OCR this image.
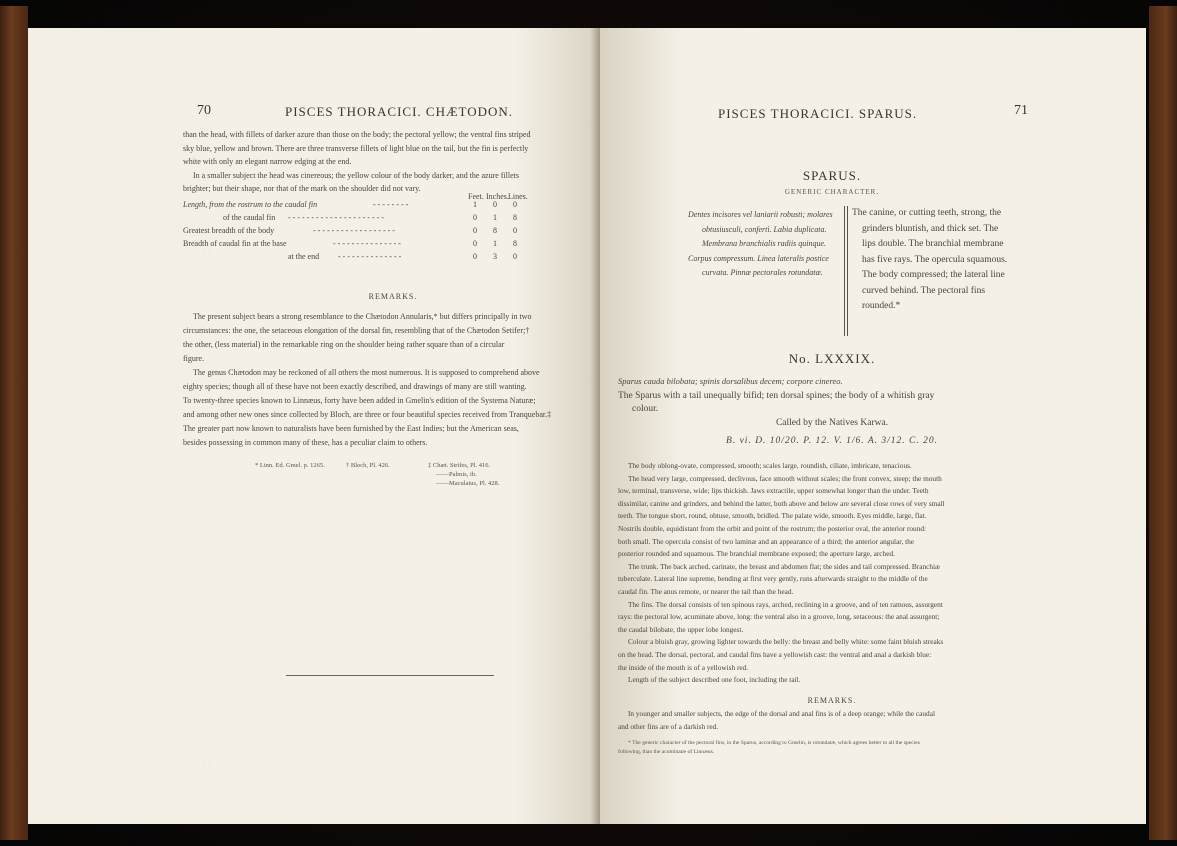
70	PISCES THORACICI. CHÆTODON.
than the head, with fillets of darker azure than those on the body; the pectoral yellow; the ventral fins striped
sky blue, yellow and brown. There are three transverse fillets of light blue on the tail, but the fin is perfectly
white with only an elegant narrow edging at the end.
In a smaller subject the head was cinereous; the yellow colour of the body darker, and the azure fillets
brighter; but their shape, nor that of the mark on the shoulder did not vary.
Feet. Inches. Lines.
Length, from the rostrum to the caudal fin	- - - - - - - -	1 0 0
of the caudal fin - - - - - - - - - - - - - - - - - - - - -	0 1 8
Greatest breadth of the body	- - - - - - - - - - - - - - - - - -	0 8 0
Breadth of caudal fin at the base	- - - - - - - - - - - - - - -	0 1 8
at the end - - - - - - - - - - - - - -	0 3 0
REMARKS.
The present subject bears a strong resemblance to the Chætodon Annularis,* but differs principally in two
circumstances: the one, the setaceous elongation of the dorsal fin, resembling that of the Chætodon Setifer;†
the other, (less material) in the remarkable ring on the shoulder being rather square than of a circular
figure.
The genus Chætodon may be reckoned of all others the most numerous. It is supposed to comprehend above
eighty species; though all of these have not been exactly described, and drawings of many are still wanting.
To twenty-three species known to Linnæus, forty have been added in Gmelin's edition of the Systema Naturæ;
and among other new ones since collected by Bloch, are three or four beautiful species received from Tranquebar.‡
The greater part now known to naturalists have been furnished by the East Indies; but the American seas,
besides possessing in common many of these, has a peculiar claim to others.
* Linn. Ed. Gmel. p. 1265.	† Bloch, Pl. 426.	‡ Chæt. Strifes, Pl. 416.
——Palmis, ib.
——Maculatus, Pl. 428.
PISCES THORACICI. SPARUS.	71
SPARUS.
GENERIC CHARACTER.
Dentes incisores vel laniarii robusti; molares
obtusiusculi, confertì. Labia duplicata.
Membrana branchialis radiis quinque.
Corpus compressum. Linea lateralis postice
curvata. Pinnæ pectorales rotundatæ.
The canine, or cutting teeth, strong, the
grinders bluntish, and thick set. The
lips double. The branchial membrane
has five rays. The opercula squamous.
The body compressed; the lateral line
curved behind. The pectoral fins
rounded.*
No. LXXXIX.
Sparus cauda bilobata; spinis dorsalibus decem; corpore cinereo.
The Sparus with a tail unequally bifid; ten dorsal spines; the body of a whitish gray
colour.
Called by the Natives Karwa.
B. vi. D. 10/20. P. 12. V. 1/6. A. 3/12. C. 20.
The body oblong-ovate, compressed, smooth; scales large, roundish, ciliate, imbricate, tenacious.
The head very large, compressed, declivous, face smooth without scales; the front convex, steep; the mouth
low, terminal, transverse, wide; lips thickish. Jaws extractile, upper somewhat longer than the under. Teeth
dissimilar, canine and grinders, and behind the latter, both above and below are several close rows of very small
teeth. The tongue short, round, obtuse, smooth, bridled. The palate wide, smooth. Eyes middle, large, flat.
Nostrils double, equidistant from the orbit and point of the rostrum; the posterior oval, the anterior round:
both small. The opercula consist of two laminæ and an appearance of a third; the anterior angular, the
posterior rounded and squamous. The branchial membrane exposed; the aperture large, arched.
The trunk. The back arched, carinate, the breast and abdomen flat; the sides and tail compressed. Branchiæ
tuberculate. Lateral line supreme, bending at first very gently, runs afterwards straight to the middle of the
caudal fin. The anus remote, or nearer the tail than the head.
The fins. The dorsal consists of ten spinous rays, arched, reclining in a groove, and of ten ramous, assurgent
rays: the pectoral low, acuminate above, long: the ventral also in a groove, long, setaceous: the anal assurgent;
the caudal bilobate, the upper lobe longest.
Colour a bluish gray, growing lighter towards the belly: the breast and belly white: some faint bluish streaks
on the head. The dorsal, pectoral, and caudal fins have a yellowish cast: the ventral and anal a darkish blue:
the inside of the mouth is of a yellowish red.
Length of the subject described one foot, including the tail.
REMARKS.
In younger and smaller subjects, the edge of the dorsal and anal fins is of a deep orange; while the caudal
and other fins are of a darkish red.
* The generic character of the pectoral fins, in the Sparus, according to Gmelin, is rotundatæ, which agrees better to all the species
following, than the acuminatæ of Linnæus.
